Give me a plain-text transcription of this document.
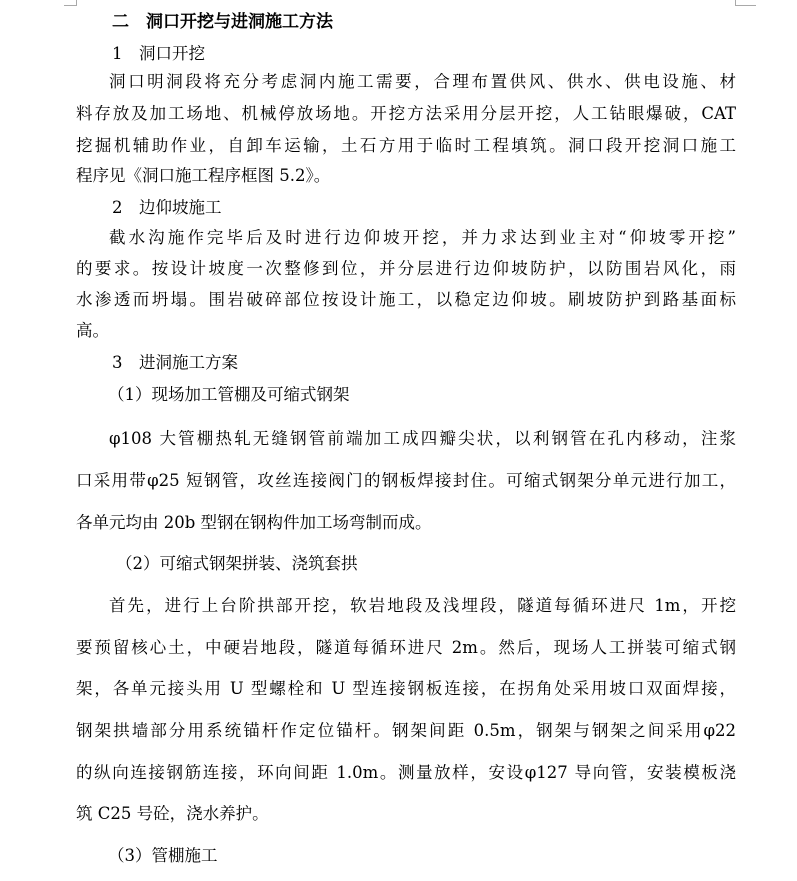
二　洞口开挖与进洞施工方法
1　洞口开挖
洞口明洞段将充分考虑洞内施工需要，合理布置供风、供水、供电设施、材
料存放及加工场地、机械停放场地。开挖方法采用分层开挖，人工钻眼爆破，CAT
挖掘机辅助作业，自卸车运输，土石方用于临时工程填筑。洞口段开挖洞口施工
程序见《洞口施工程序框图 5.2》。
2　边仰坡施工
截水沟施作完毕后及时进行边仰坡开挖，并力求达到业主对“仰坡零开挖”
的要求。按设计坡度一次整修到位，并分层进行边仰坡防护，以防围岩风化，雨
水渗透而坍塌。围岩破碎部位按设计施工，以稳定边仰坡。刷坡防护到路基面标
高。
3　进洞施工方案
（1）现场加工管棚及可缩式钢架
φ108 大管棚热轧无缝钢管前端加工成四瓣尖状，以利钢管在孔内移动，注浆
口采用带φ25 短钢管，攻丝连接阀门的钢板焊接封住。可缩式钢架分单元进行加工，
各单元均由 20b 型钢在钢构件加工场弯制而成。
（2）可缩式钢架拼装、浇筑套拱
首先，进行上台阶拱部开挖，软岩地段及浅埋段，隧道每循环进尺 1m，开挖
要预留核心土，中硬岩地段，隧道每循环进尺 2m。然后，现场人工拼装可缩式钢
架，各单元接头用 U 型螺栓和 U 型连接钢板连接，在拐角处采用坡口双面焊接，
钢架拱墙部分用系统锚杆作定位锚杆。钢架间距 0.5m，钢架与钢架之间采用φ22
的纵向连接钢筋连接，环向间距 1.0m。测量放样，安设φ127 导向管，安装模板浇
筑 C25 号砼，浇水养护。
（3）管棚施工
